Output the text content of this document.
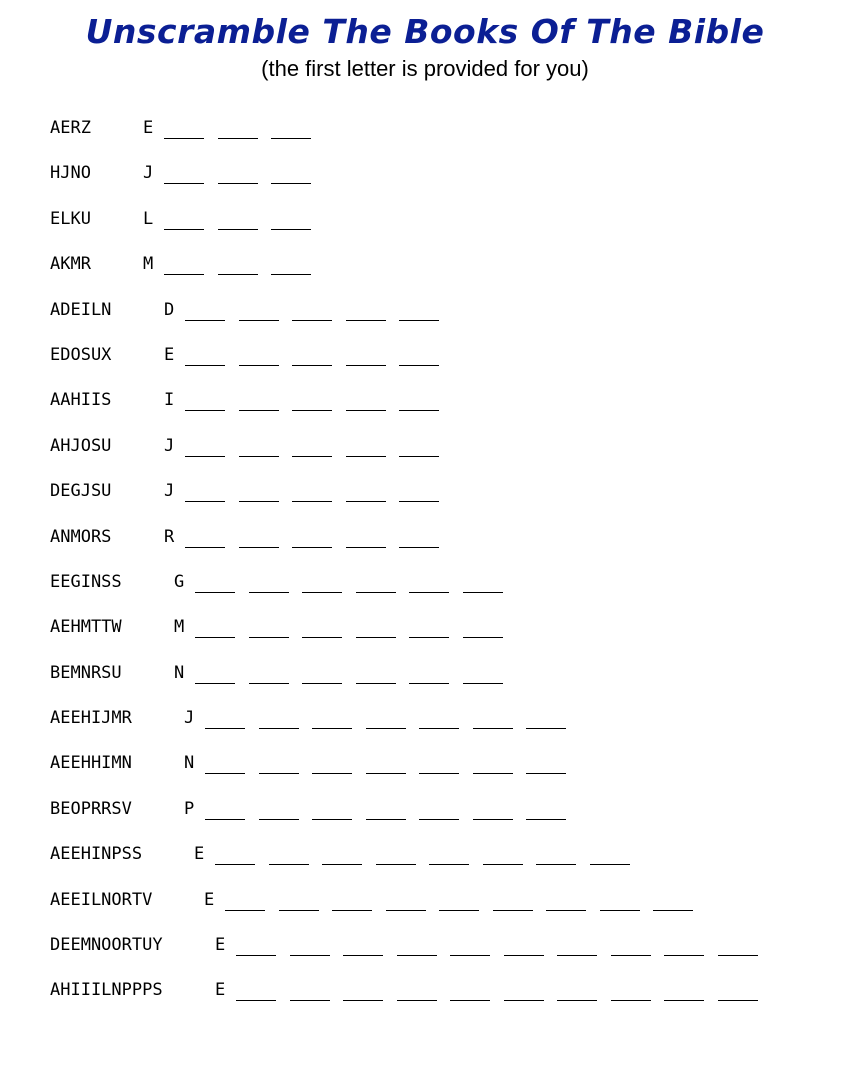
Unscramble The Books Of The Bible
(the first letter is provided for you)
AERZ	E
HJNO	J
ELKU	L
AKMR	M
ADEILN	D
EDOSUX	E
AAHIIS	I
AHJOSU	J
DEGJSU	J
ANMORS	R
EEGINSS	G
AEHMTTW	M
BEMNRSU	N
AEEHIJMR	J
AEEHHIMN	N
BEOPRRSV	P
AEEHINPSS	E
AEEILNORTV	E
DEEMNOORTUY	E
AHIIILNPPPS	E
